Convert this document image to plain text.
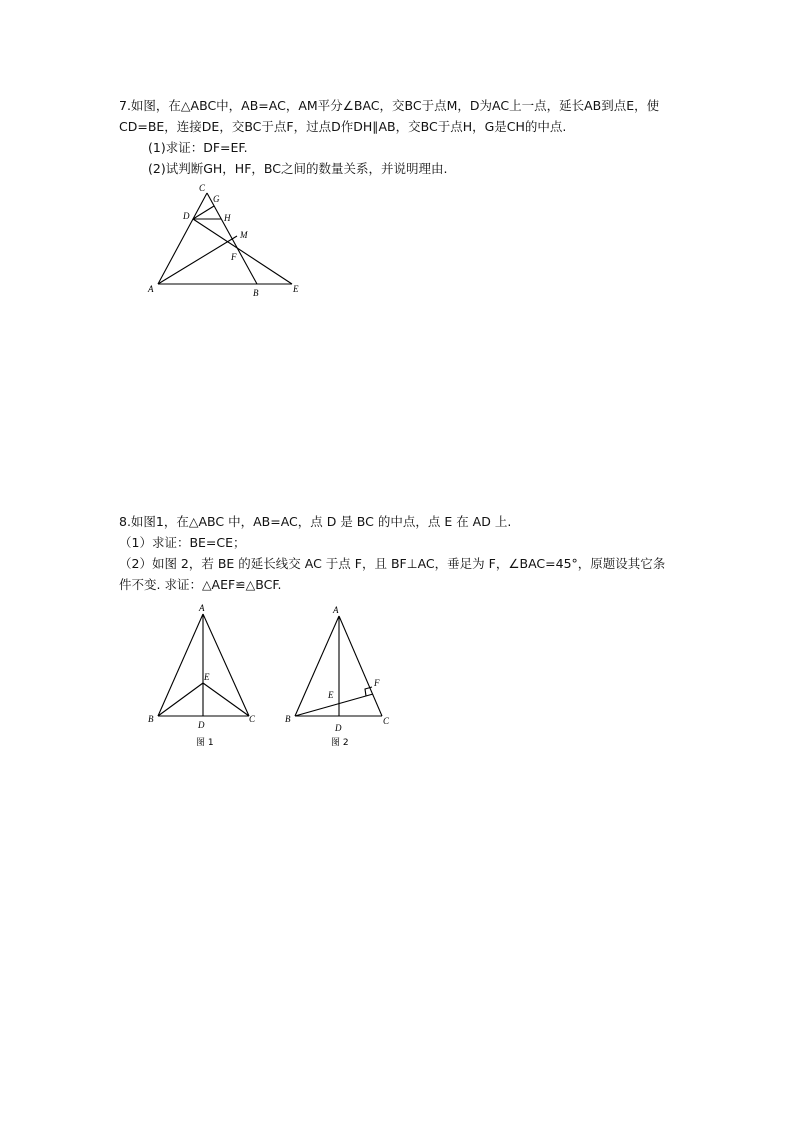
7.如图，在△ABC中，AB=AC，AM平分∠BAC，交BC于点M，D为AC上一点，延长AB到点E，使
CD=BE，连接DE，交BC于点F，过点D作DH∥AB，交BC于点H，G是CH的中点.
(1)求证：DF=EF.
(2)试判断GH，HF，BC之间的数量关系，并说明理由.
C
G
D	H
M
F
A	B	E
8.如图1，在△ABC 中，AB=AC，点 D 是 BC 的中点，点 E 在 AD 上.
（1）求证：BE=CE；
（2）如图 2，若 BE 的延长线交 AC 于点 F，且 BF⊥AC，垂足为 F，∠BAC=45°，原题设其它条
件不变. 求证：△AEF≌△BCF.
A
E
B
D
C
图 1
A
E
F
B
D
C
图 2
